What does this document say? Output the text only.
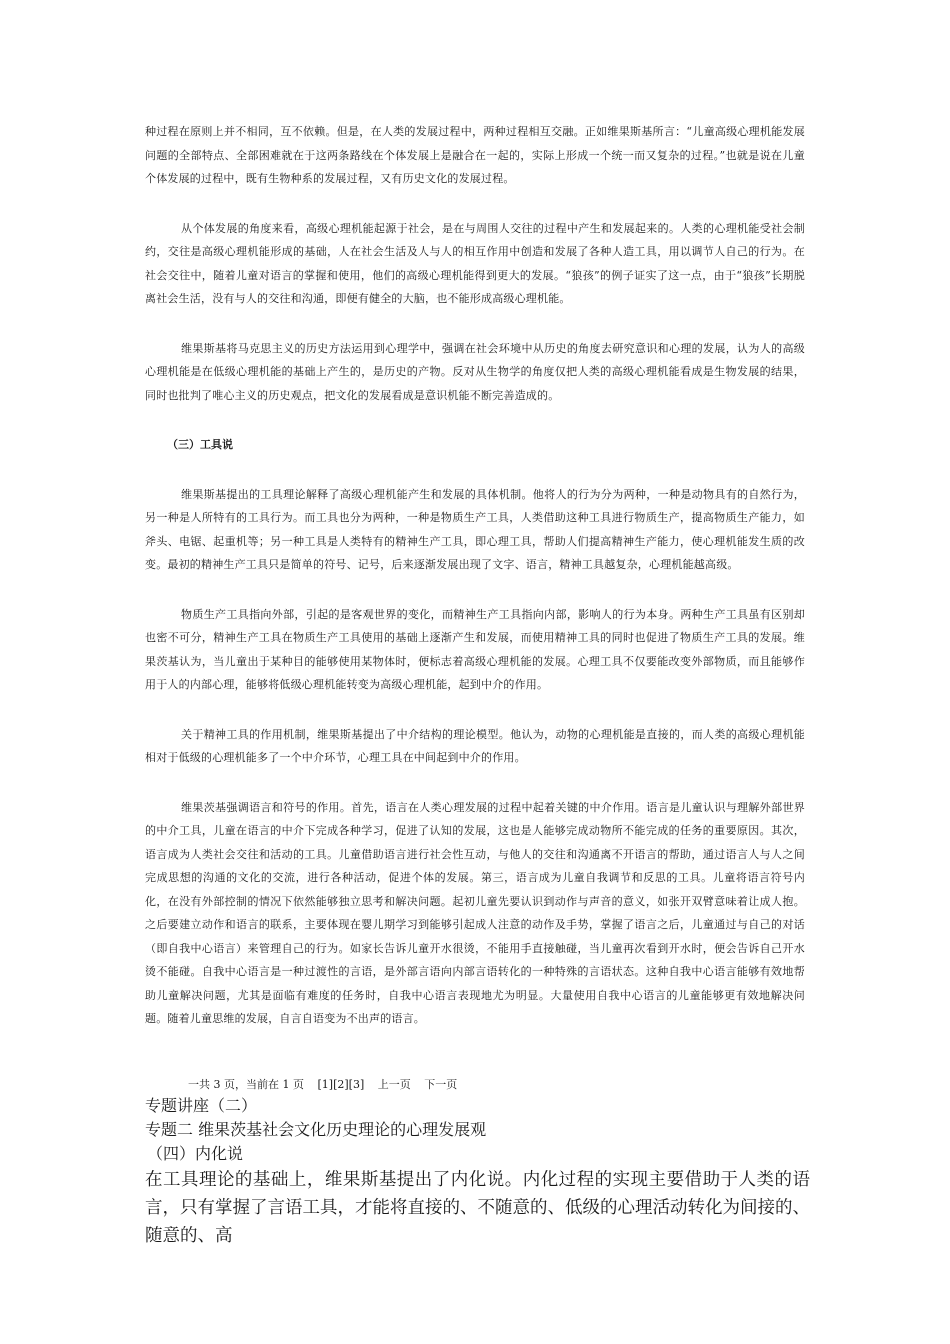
种过程在原则上并不相同，互不依赖。但是，在人类的发展过程中，两种过程相互交融。正如维果斯基所言：“儿童高级心理机能发展问题的全部特点、全部困难就在于这两条路线在个体发展上是融合在一起的，实际上形成一个统一而又复杂的过程。”也就是说在儿童个体发展的过程中，既有生物种系的发展过程，又有历史文化的发展过程。

从个体发展的角度来看，高级心理机能起源于社会，是在与周围人交往的过程中产生和发展起来的。人类的心理机能受社会制约，交往是高级心理机能形成的基础，人在社会生活及人与人的相互作用中创造和发展了各种人造工具，用以调节人自己的行为。在社会交往中，随着儿童对语言的掌握和使用，他们的高级心理机能得到更大的发展。“狼孩”的例子证实了这一点，由于“狼孩”长期脱离社会生活，没有与人的交往和沟通，即便有健全的大脑，也不能形成高级心理机能。

维果斯基将马克思主义的历史方法运用到心理学中，强调在社会环境中从历史的角度去研究意识和心理的发展，认为人的高级心理机能是在低级心理机能的基础上产生的，是历史的产物。反对从生物学的角度仅把人类的高级心理机能看成是生物发展的结果，同时也批判了唯心主义的历史观点，把文化的发展看成是意识机能不断完善造成的。

（三）工具说

维果斯基提出的工具理论解释了高级心理机能产生和发展的具体机制。他将人的行为分为两种，一种是动物具有的自然行为，另一种是人所特有的工具行为。而工具也分为两种，一种是物质生产工具，人类借助这种工具进行物质生产，提高物质生产能力，如斧头、电锯、起重机等；另一种工具是人类特有的精神生产工具，即心理工具，帮助人们提高精神生产能力，使心理机能发生质的改变。最初的精神生产工具只是简单的符号、记号，后来逐渐发展出现了文字、语言，精神工具越复杂，心理机能越高级。

物质生产工具指向外部，引起的是客观世界的变化，而精神生产工具指向内部，影响人的行为本身。两种生产工具虽有区别却也密不可分，精神生产工具在物质生产工具使用的基础上逐渐产生和发展，而使用精神工具的同时也促进了物质生产工具的发展。维果茨基认为，当儿童出于某种目的能够使用某物体时，便标志着高级心理机能的发展。心理工具不仅要能改变外部物质，而且能够作用于人的内部心理，能够将低级心理机能转变为高级心理机能，起到中介的作用。

关于精神工具的作用机制，维果斯基提出了中介结构的理论模型。他认为，动物的心理机能是直接的，而人类的高级心理机能相对于低级的心理机能多了一个中介环节，心理工具在中间起到中介的作用。

维果茨基强调语言和符号的作用。首先，语言在人类心理发展的过程中起着关键的中介作用。语言是儿童认识与理解外部世界的中介工具，儿童在语言的中介下完成各种学习，促进了认知的发展，这也是人能够完成动物所不能完成的任务的重要原因。其次，语言成为人类社会交往和活动的工具。儿童借助语言进行社会性互动，与他人的交往和沟通离不开语言的帮助，通过语言人与人之间完成思想的沟通的文化的交流，进行各种活动，促进个体的发展。第三，语言成为儿童自我调节和反思的工具。儿童将语言符号内化，在没有外部控制的情况下依然能够独立思考和解决问题。起初儿童先要认识到动作与声音的意义，如张开双臂意味着让成人抱。之后要建立动作和语言的联系，主要体现在婴儿期学习到能够引起成人注意的动作及手势，掌握了语言之后，儿童通过与自己的对话（即自我中心语言）来管理自己的行为。如家长告诉儿童开水很烫，不能用手直接触碰，当儿童再次看到开水时，便会告诉自己开水烫不能碰。自我中心语言是一种过渡性的言语，是外部言语向内部言语转化的一种特殊的言语状态。这种自我中心语言能够有效地帮助儿童解决问题，尤其是面临有难度的任务时，自我中心语言表现地尤为明显。大量使用自我中心语言的儿童能够更有效地解决问题。随着儿童思维的发展，自言自语变为不出声的语言。

一共 3 页，当前在 1 页 [1][2][3] 上一页 下一页
专题讲座（二）
专题二 维果茨基社会文化历史理论的心理发展观
（四）内化说

在工具理论的基础上，维果斯基提出了内化说。内化过程的实现主要借助于人类的语言，只有掌握了言语工具，才能将直接的、不随意的、低级的心理活动转化为间接的、随意的、高
